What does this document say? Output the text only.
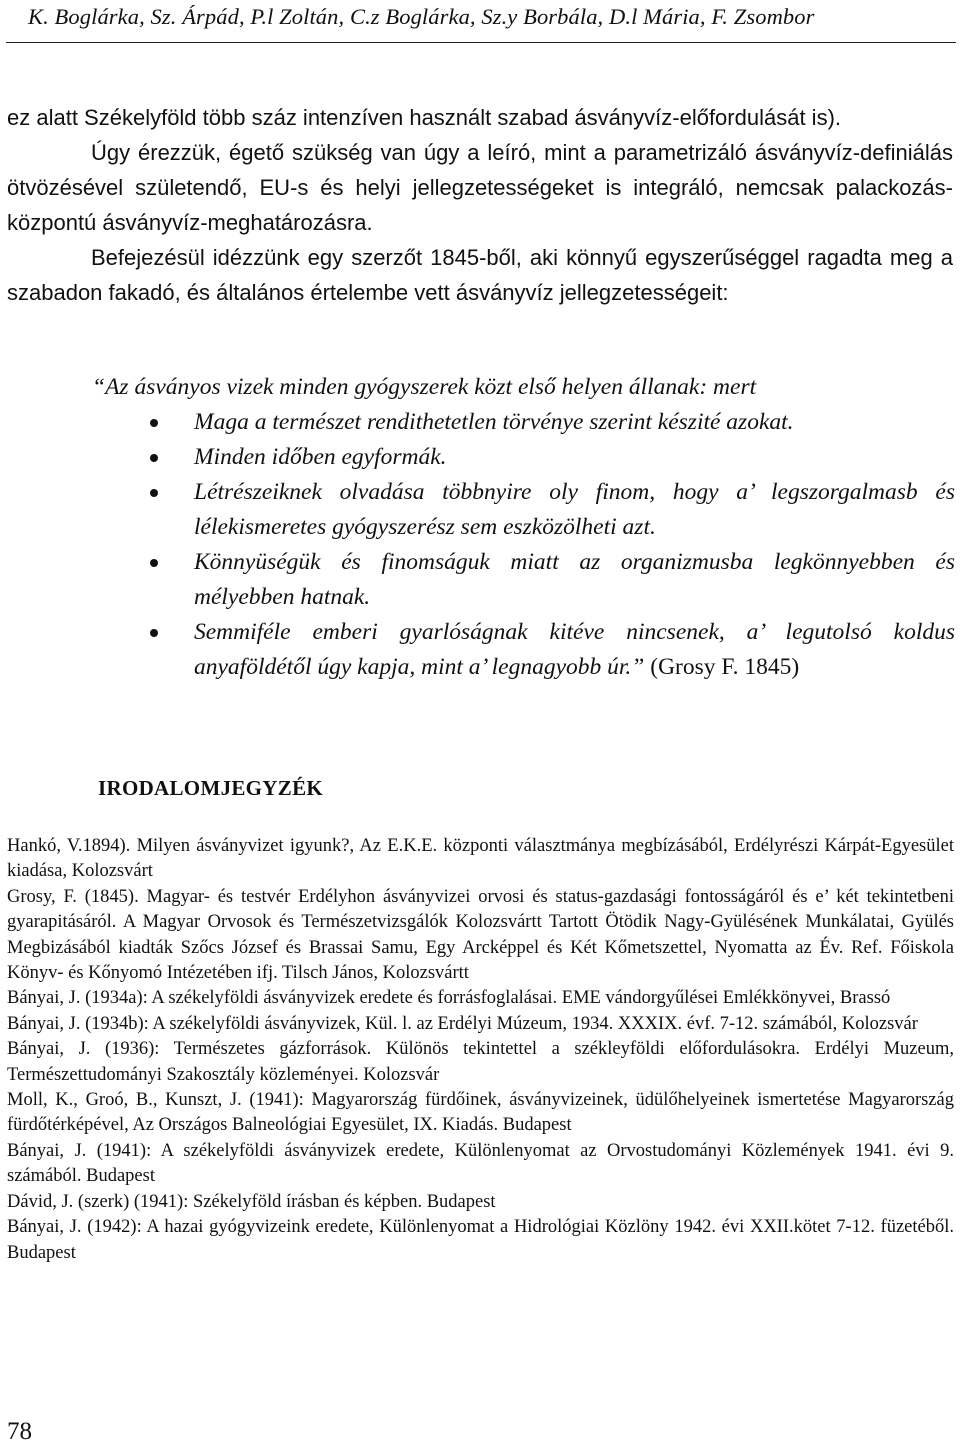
K. Boglárka, Sz. Árpád, P.l Zoltán, C.z Boglárka, Sz.y Borbála, D.l Mária, F. Zsombor

ez alatt Székelyföld több száz intenzíven használt szabad ásványvíz-előfordulását is).

Úgy érezzük, égető szükség van úgy a leíró, mint a parametrizáló ásványvíz-definiálás ötvözésével születendő, EU-s és helyi jellegzetességeket is integráló, nemcsak palackozás-központú ásványvíz-meghatározásra.

Befejezésül idézzünk egy szerzőt 1845-ből, aki könnyű egyszerűséggel ragadta meg a szabadon fakadó, és általános értelembe vett ásványvíz jellegzetességeit:

“Az ásványos vizek minden gyógyszerek közt első helyen állanak: mert

Maga a természet rendithetetlen törvénye szerint készité azokat.
Minden időben egyformák.
Létrészeiknek olvadása többnyire oly finom, hogy a’ legszorgalmasb és lélekismeretes gyógyszerész sem eszközölheti azt.
Könnyüségük és finomságuk miatt az organizmusba legkönnyebben és mélyebben hatnak.
Semmiféle emberi gyarlóságnak kitéve nincsenek, a’ legutolsó koldus anyaföldétől úgy kapja, mint a’ legnagyobb úr.” (Grosy F. 1845)
IRODALOMJEGYZÉK

Hankó, V.1894). Milyen ásványvizet igyunk?, Az E.K.E. központi választmánya megbízásából, Erdélyrészi Kárpát-Egyesület kiadása, Kolozsvárt

Grosy, F. (1845). Magyar- és testvér Erdélyhon ásványvizei orvosi és status-gazdasági fontosságáról és e’ két tekintetbeni gyarapitásáról. A Magyar Orvosok és Természetvizsgálók Kolozsvártt Tartott Ötödik Nagy-Gyülésének Munkálatai, Gyülés Megbizásából kiadták Szőcs József és Brassai Samu, Egy Arcképpel és Két Kőmetszettel, Nyomatta az Év. Ref. Főiskola Könyv- és Kőnyomó Intézetében ifj. Tilsch János, Kolozsvártt

Bányai, J. (1934a): A székelyföldi ásványvizek eredete és forrásfoglalásai. EME vándorgyűlései Emlékkönyvei, Brassó

Bányai, J. (1934b): A székelyföldi ásványvizek, Kül. l. az Erdélyi Múzeum, 1934. XXXIX. évf. 7-12. számából, Kolozsvár

Bányai, J. (1936): Természetes gázforrások. Különös tekintettel a székleyföldi előfordulásokra. Erdélyi Muzeum, Természettudományi Szakosztály közleményei. Kolozsvár

Moll, K., Groó, B., Kunszt, J. (1941): Magyarország fürdőinek, ásványvizeinek, üdülőhelyeinek ismertetése Magyarország fürdőtérképével, Az Országos Balneológiai Egyesület, IX. Kiadás. Budapest

Bányai, J. (1941): A székelyföldi ásványvizek eredete, Különlenyomat az Orvostudományi Közlemények 1941. évi 9. számából. Budapest

Dávid, J. (szerk) (1941): Székelyföld írásban és képben. Budapest

Bányai, J. (1942): A hazai gyógyvizeink eredete, Különlenyomat a Hidrológiai Közlöny 1942. évi XXII.kötet 7-12. füzetéből. Budapest

78
